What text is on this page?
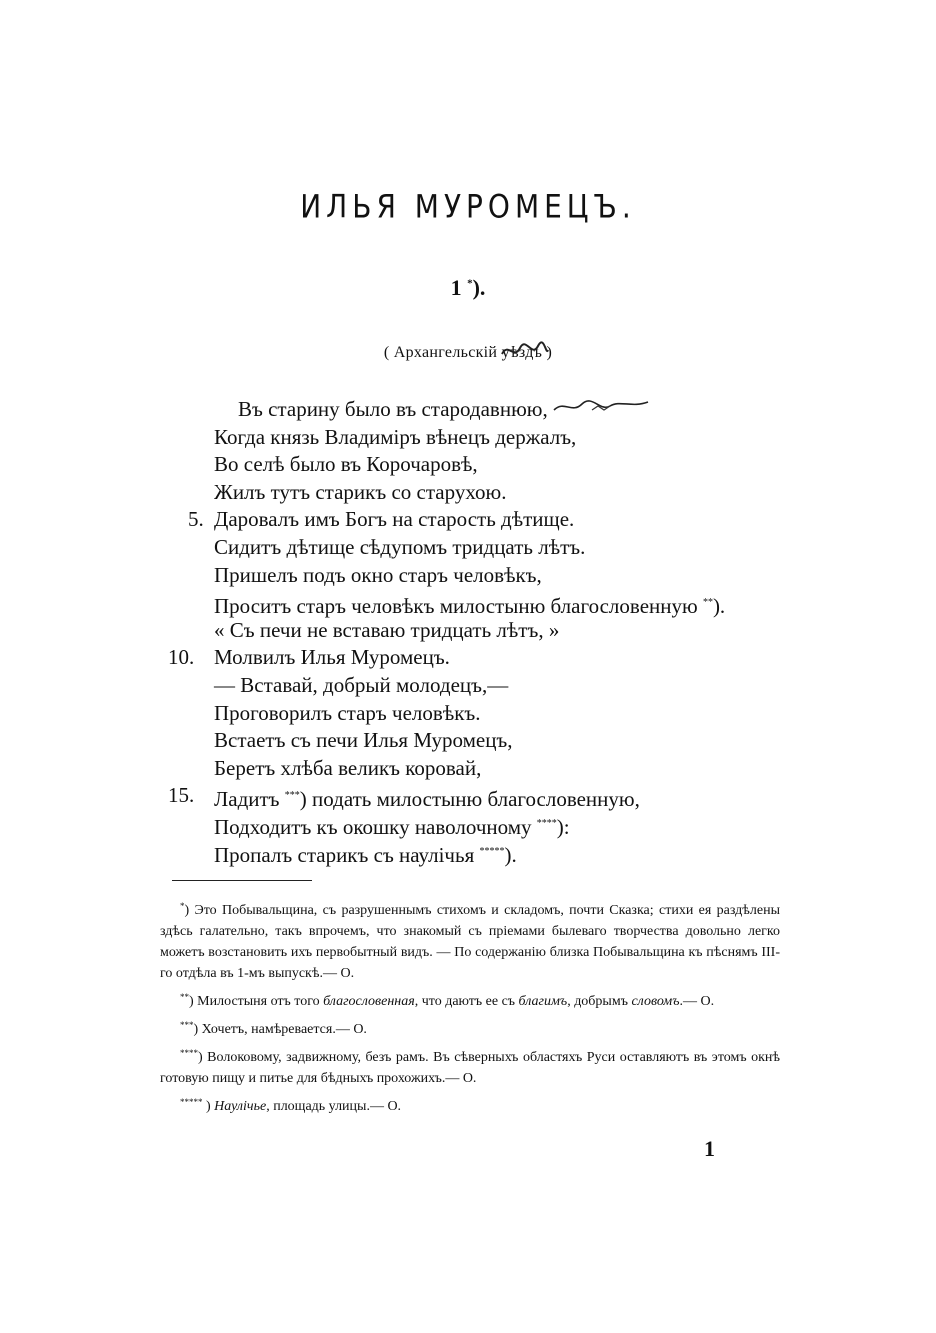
ИЛЬЯ МУРОМЕЦЪ.
1 *).
( Архангельскій уѣздъ )
Въ старину было въ стародавнюю,
Когда князь Владиміръ вѣнецъ держалъ,
Во селѣ было въ Корочаровѣ,
Жилъ тутъ старикъ со старухою.
5. Даровалъ имъ Богъ на старость дѣтище.
Сидитъ дѣтище сѣдупомъ тридцать лѣтъ.
Пришелъ подъ окно старъ человѣкъ,
Проситъ старъ человѣкъ милостыню благословенную **).
« Съ печи не вставаю тридцать лѣтъ, »
10. Молвилъ Илья Муромецъ.
— Вставай, добрый молодецъ,—
Проговорилъ старъ человѣкъ.
Встаетъ съ печи Илья Муромецъ,
Беретъ хлѣба великъ коровай,
15. Ладитъ ***) подать милостыню благословенную,
Подходитъ къ окошку наволочному ****):
Пропалъ старикъ съ наулічья *****).

*) Это Побывальщина, съ разрушеннымъ стихомъ и складомъ, почти Сказка; стихи ея раздѣлены здѣсь галательно, такъ впрочемъ, что знакомый съ пріемами былеваго творчества довольно легко можетъ возстановить ихъ первобытный видъ. — По содержанію близка Побывальщина къ пѣснямъ III-го отдѣла въ 1-мъ выпускѣ.— О.

**) Милостыня отъ того благословенная, что даютъ ее съ благимъ, добрымъ словомъ.— О.

***) Хочетъ, намѣревается.— О.

****) Волоковому, задвижному, безъ рамъ. Въ сѣверныхъ областяхъ Руси оставляютъ въ этомъ окнѣ готовую пищу и питье для бѣдныхъ прохожихъ.— О.

***** ) Наулічье, площадь улицы.— О.

1
